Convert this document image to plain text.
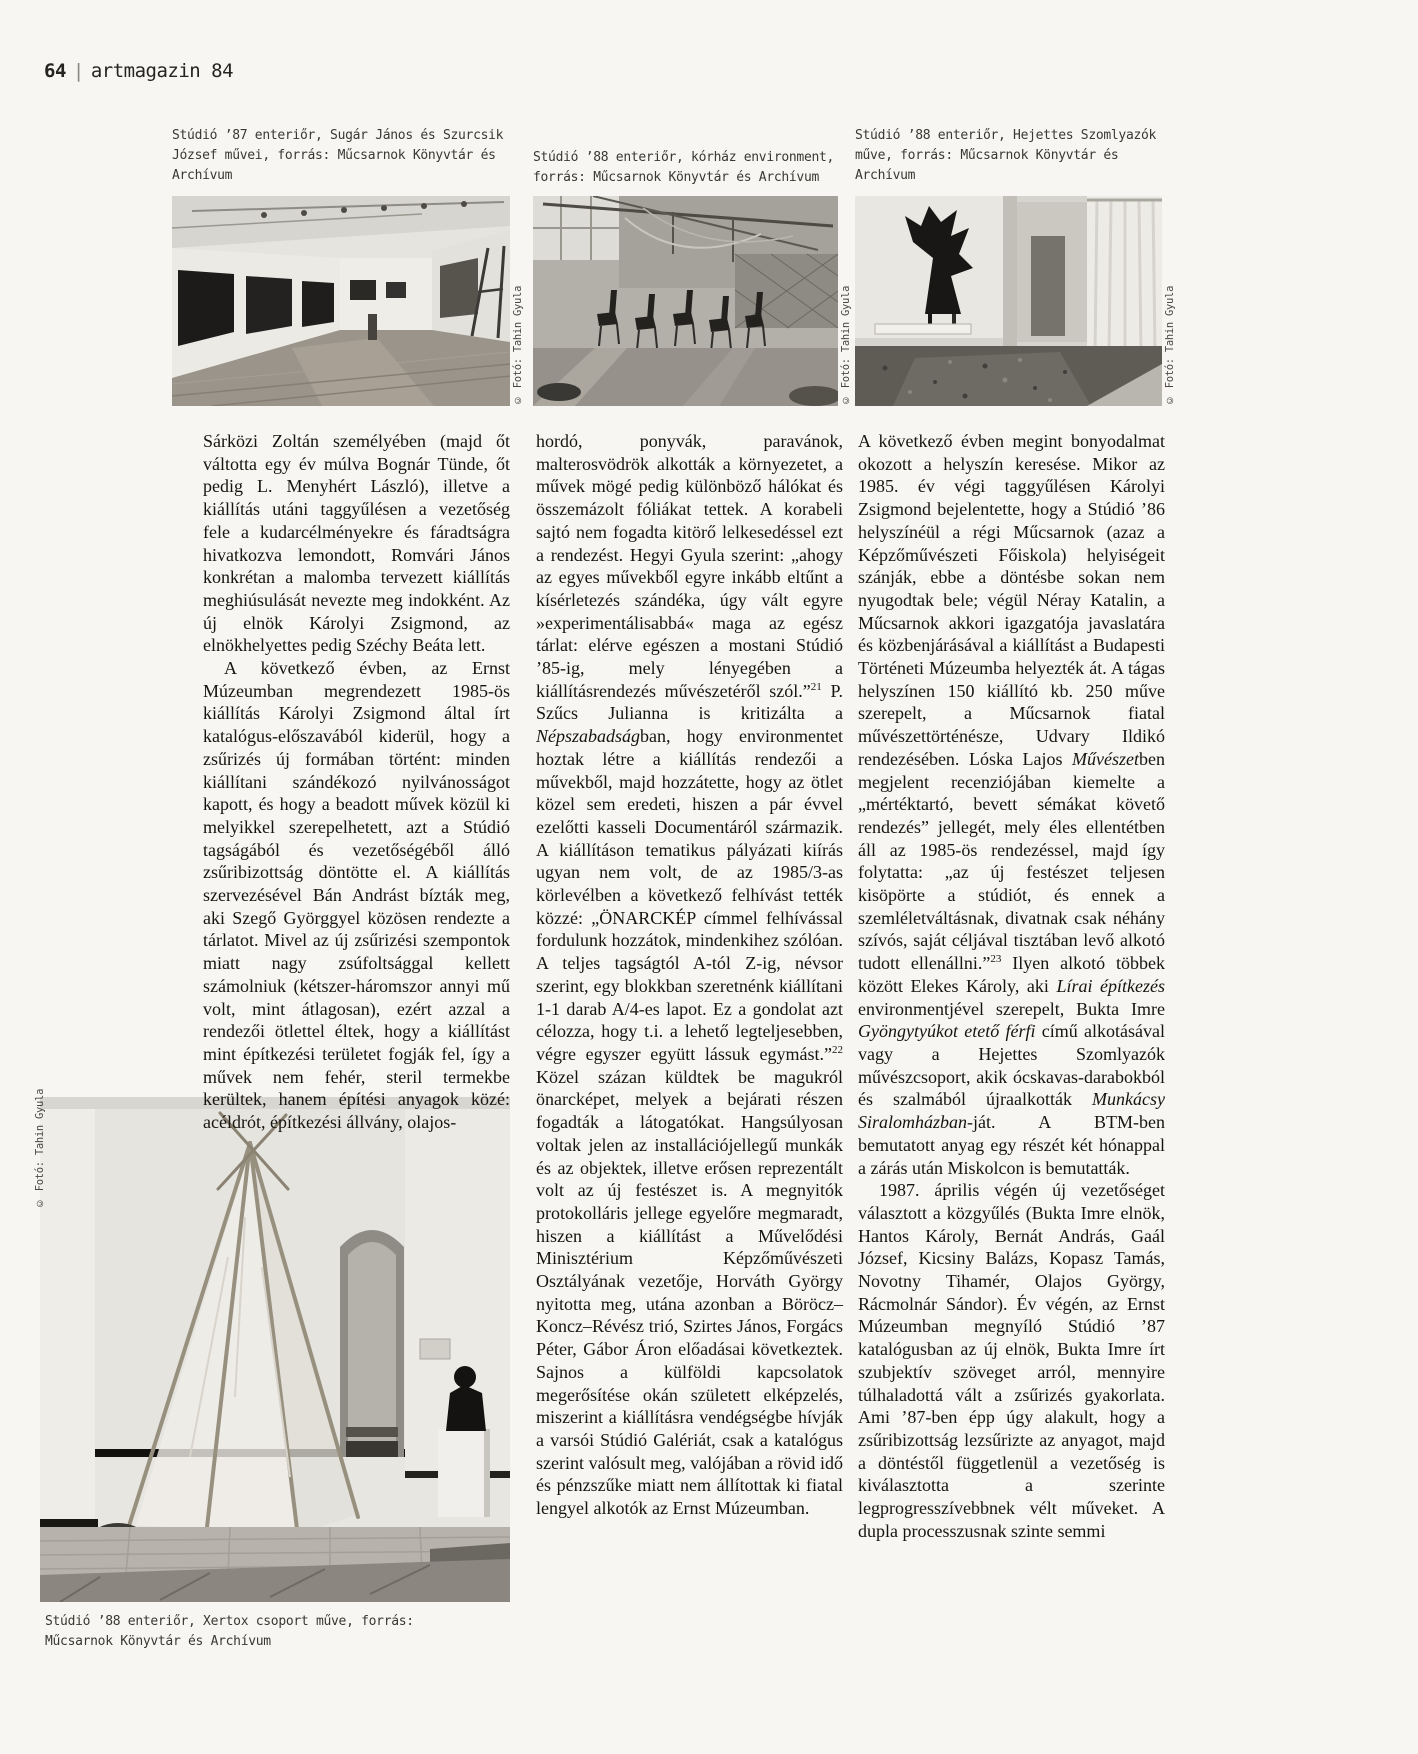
64 | artmagazin 84
Stúdió ’87 enteriőr, Sugár János és Szurcsik József művei, forrás: Műcsarnok Könyvtár és Archívum
Stúdió ’88 enteriőr, kórház environment, forrás: Műcsarnok Könyvtár és Archívum
Stúdió ’88 enteriőr, Hejettes Szomlyazók műve, forrás: Műcsarnok Könyvtár és Archívum
© Fotó: Tahin Gyula	© Fotó: Tahin Gyula	© Fotó: Tahin Gyula
© Fotó: Tahin Gyula

Sárközi Zoltán személyében (majd őt váltotta egy év múlva Bognár Tünde, őt pedig L. Menyhért László), illetve a kiállítás utáni taggyűlésen a vezetőség fele a kudarcélményekre és fáradtságra hivatkozva lemondott, Romvári János konkrétan a malomba tervezett kiállítás meghiúsulását nevezte meg indokként. Az új elnök Károlyi Zsigmond, az elnökhelyettes pedig Széchy Beáta lett.

A következő évben, az Ernst Múzeumban megrendezett 1985-ös kiállítás Károlyi Zsigmond által írt katalógus-előszavából kiderül, hogy a zsűrizés új formában történt: minden kiállítani szándékozó nyilvánosságot kapott, és hogy a beadott művek közül ki melyikkel szerepelhetett, azt a Stúdió tagságából és vezetőségéből álló zsűribizottság döntötte el. A kiállítás szervezésével Bán Andrást bízták meg, aki Szegő Györggyel közösen rendezte a tárlatot. Mivel az új zsűrizési szempontok miatt nagy zsúfoltsággal kellett számolniuk (kétszer-háromszor annyi mű volt, mint átlagosan), ezért azzal a rendezői ötlettel éltek, hogy a kiállítást mint építkezési területet fogják fel, így a művek nem fehér, steril termekbe kerültek, hanem építési anyagok közé: acéldrót, építkezési állvány, olajos-

hordó, ponyvák, paravánok, malterosvödrök alkották a környezetet, a művek mögé pedig különböző hálókat és összemázolt fóliákat tettek. A korabeli sajtó nem fogadta kitörő lelkesedéssel ezt a rendezést. Hegyi Gyula szerint: „ahogy az egyes művekből egyre inkább eltűnt a kísérletezés szándéka, úgy vált egyre »experimentálisabbá« maga az egész tárlat: elérve egészen a mostani Stúdió ’85-ig, mely lényegében a kiállításrendezés művészetéről szól.”$^{21}$ P. Szűcs Julianna is kritizálta a Népszabadságban, hogy environmentet hoztak létre a kiállítás rendezői a művekből, majd hozzátette, hogy az ötlet közel sem eredeti, hiszen a pár évvel ezelőtti kasseli Documentáról származik. A kiállításon tematikus pályázati kiírás ugyan nem volt, de az 1985/3-as körlevélben a következő felhívást tették közzé: „ÖNARCKÉP címmel felhívással fordulunk hozzátok, mindenkihez szólóan. A teljes tagságtól A-tól Z-ig, névsor szerint, egy blokkban szeretnénk kiállítani 1-1 darab A/4-es lapot. Ez a gondolat azt célozza, hogy t.i. a lehető legteljesebben, végre egyszer együtt lássuk egymást.”$^{22}$ Közel százan küldtek be magukról önarcképet, melyek a bejárati részen fogadták a látogatókat. Hangsúlyosan voltak jelen az installációjellegű munkák és az objektek, illetve erősen reprezentált volt az új festészet is. A megnyitók protokolláris jellege egyelőre megmaradt, hiszen a kiállítást a Művelődési Minisztérium Képzőművészeti Osztályának vezetője, Horváth György nyitotta meg, utána azonban a Böröcz–Koncz–Révész trió, Szirtes János, Forgács Péter, Gábor Áron előadásai következtek. Sajnos a külföldi kapcsolatok megerősítése okán született elképzelés, miszerint a kiállításra vendégségbe hívják a varsói Stúdió Galériát, csak a katalógus szerint valósult meg, valójában a rövid idő és pénzszűke miatt nem állítottak ki fiatal lengyel alkotók az Ernst Múzeumban.

A következő évben megint bonyodalmat okozott a helyszín keresése. Mikor az 1985. év végi taggyűlésen Károlyi Zsigmond bejelentette, hogy a Stúdió ’86 helyszínéül a régi Műcsarnok (azaz a Képzőművészeti Főiskola) helyiségeit szánják, ebbe a döntésbe sokan nem nyugodtak bele; végül Néray Katalin, a Műcsarnok akkori igazgatója javaslatára és közbenjárásával a kiállítást a Budapesti Történeti Múzeumba helyezték át. A tágas helyszínen 150 kiállító kb. 250 műve szerepelt, a Műcsarnok fiatal művészettörténésze, Udvary Ildikó rendezésében. Lóska Lajos Művészetben megjelent recenziójában kiemelte a „mértéktartó, bevett sémákat követő rendezés” jellegét, mely éles ellentétben áll az 1985-ös rendezéssel, majd így folytatta: „az új festészet teljesen kisöpörte a stúdiót, és ennek a szemléletváltásnak, divatnak csak néhány szívós, saját céljával tisztában levő alkotó tudott ellenállni.”$^{23}$ Ilyen alkotó többek között Elekes Károly, aki Lírai építkezés environmentjével szerepelt, Bukta Imre Gyöngytyúkot etető férfi című alkotásával vagy a Hejettes Szomlyazók művészcsoport, akik ócskavas-darabokból és szalmából újraalkották Munkácsy Siralomházban-ját. A BTM-ben bemutatott anyag egy részét két hónappal a zárás után Miskolcon is bemutatták.

1987. április végén új vezetőséget választott a közgyűlés (Bukta Imre elnök, Hantos Károly, Bernát András, Gaál József, Kicsiny Balázs, Kopasz Tamás, Novotny Tihamér, Olajos György, Rácmolnár Sándor). Év végén, az Ernst Múzeumban megnyíló Stúdió ’87 katalógusban az új elnök, Bukta Imre írt szubjektív szöveget arról, mennyire túlhaladottá vált a zsűrizés gyakorlata. Ami ’87-ben épp úgy alakult, hogy a zsűribizottság lezsűrizte az anyagot, majd a döntéstől függetlenül a vezetőség is kiválasztotta a szerinte legprogresszívebbnek vélt műveket. A dupla processzusnak szinte semmi

Stúdió ’88 enteriőr, Xertox csoport műve, forrás: Műcsarnok Könyvtár és Archívum
